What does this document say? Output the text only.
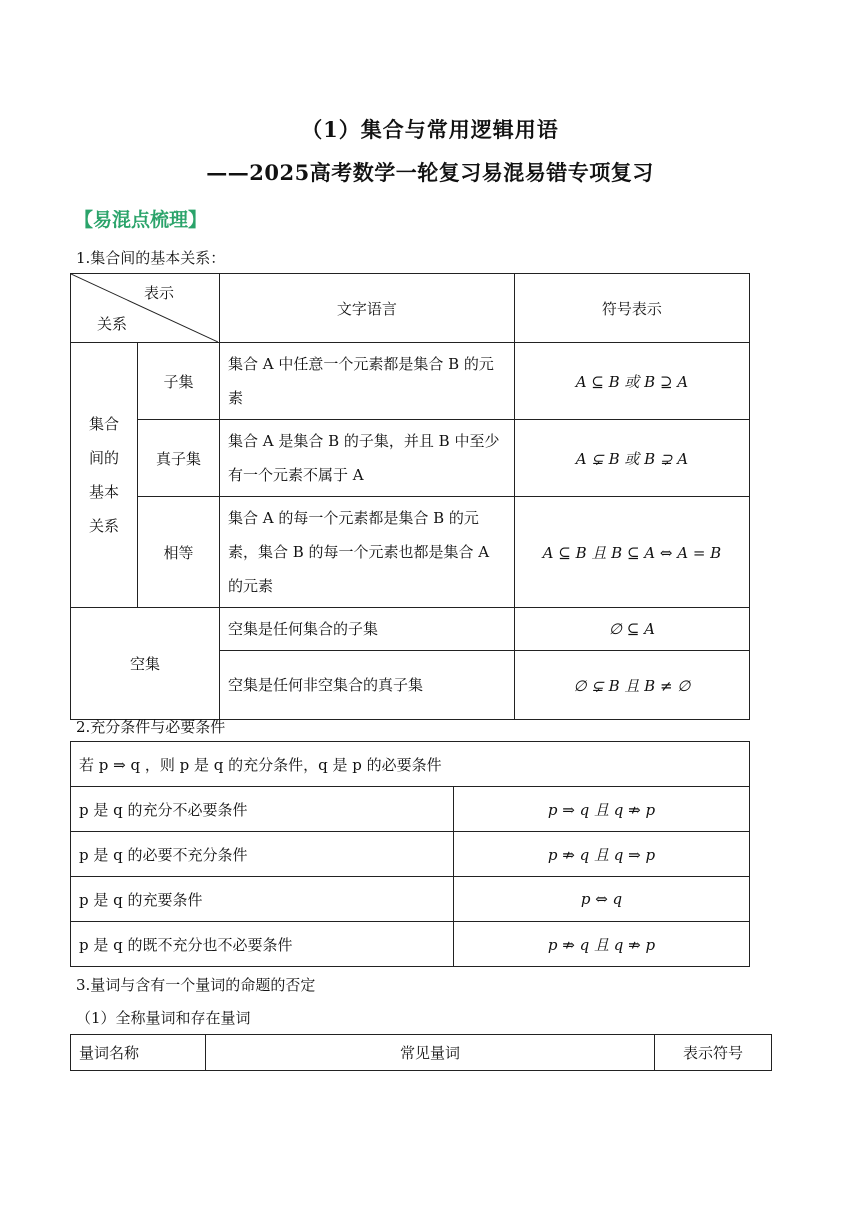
（1）集合与常用逻辑用语
——2025高考数学一轮复习易混易错专项复习
【易混点梳理】
1.集合间的基本关系：
表示
关系		文字语言	符号表示

集合间的基本关系	子集	集合 A 中任意一个元素都是集合 B 的元素	A ⊆ B 或 B ⊇ A
	真子集	集合 A 是集合 B 的子集，并且 B 中至少有一个元素不属于 A	A ⊊ B 或 B ⊋ A
	相等	集合 A 的每一个元素都是集合 B 的元素，集合 B 的每一个元素也都是集合 A 的元素	A ⊆ B 且 B ⊆ A ⇔ A = B
空集		空集是任何集合的子集	∅ ⊆ A
		空集是任何非空集合的真子集	∅ ⊊ B 且 B ≠ ∅
2.充分条件与必要条件
若 p ⇒ q ，则 p 是 q 的充分条件，q 是 p 的必要条件	
p 是 q 的充分不必要条件	p ⇒ q 且 q ⇏ p
p 是 q 的必要不充分条件	p ⇏ q 且 q ⇒ p
p 是 q 的充要条件	p ⇔ q
p 是 q 的既不充分也不必要条件	p ⇏ q 且 q ⇏ p
3.量词与含有一个量词的命题的否定
（1）全称量词和存在量词
量词名称	常见量词	表示符号
